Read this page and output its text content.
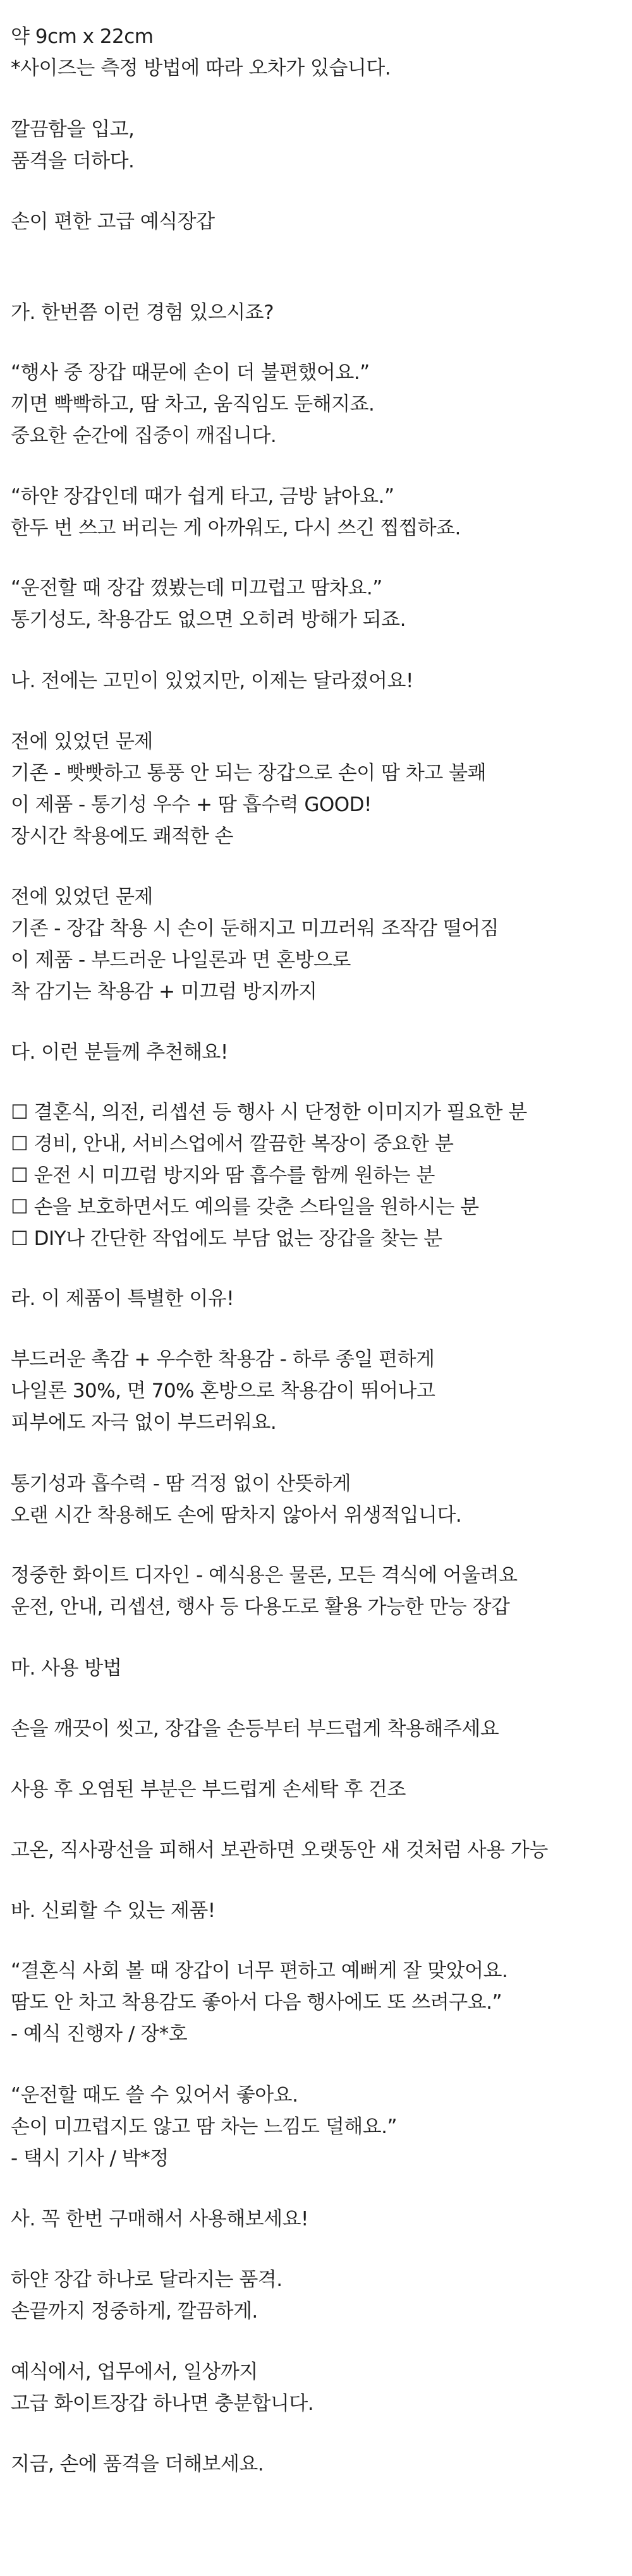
약 9cm x 22cm
*사이즈는 측정 방법에 따라 오차가 있습니다.
깔끔함을 입고,
품격을 더하다.
손이 편한 고급 예식장갑
가. 한번쯤 이런 경험 있으시죠?
“행사 중 장갑 때문에 손이 더 불편했어요.”
끼면 빡빡하고, 땀 차고, 움직임도 둔해지죠.
중요한 순간에 집중이 깨집니다.
“하얀 장갑인데 때가 쉽게 타고, 금방 낡아요.”
한두 번 쓰고 버리는 게 아까워도, 다시 쓰긴 찝찝하죠.
“운전할 때 장갑 꼈봤는데 미끄럽고 땀차요.”
통기성도, 착용감도 없으면 오히려 방해가 되죠.
나. 전에는 고민이 있었지만, 이제는 달라졌어요!
전에 있었던 문제
기존 - 빳빳하고 통풍 안 되는 장갑으로 손이 땀 차고 불쾌
이 제품 - 통기성 우수 + 땀 흡수력 GOOD!
장시간 착용에도 쾌적한 손
전에 있었던 문제
기존 - 장갑 착용 시 손이 둔해지고 미끄러워 조작감 떨어짐
이 제품 - 부드러운 나일론과 면 혼방으로
착 감기는 착용감 + 미끄럼 방지까지
다. 이런 분들께 추천해요!
☐ 결혼식, 의전, 리셉션 등 행사 시 단정한 이미지가 필요한 분
☐ 경비, 안내, 서비스업에서 깔끔한 복장이 중요한 분
☐ 운전 시 미끄럼 방지와 땀 흡수를 함께 원하는 분
☐ 손을 보호하면서도 예의를 갖춘 스타일을 원하시는 분
☐ DIY나 간단한 작업에도 부담 없는 장갑을 찾는 분
라. 이 제품이 특별한 이유!
부드러운 촉감 + 우수한 착용감 - 하루 종일 편하게
나일론 30%, 면 70% 혼방으로 착용감이 뛰어나고
피부에도 자극 없이 부드러워요.
통기성과 흡수력 - 땀 걱정 없이 산뜻하게
오랜 시간 착용해도 손에 땀차지 않아서 위생적입니다.
정중한 화이트 디자인 - 예식용은 물론, 모든 격식에 어울려요
운전, 안내, 리셉션, 행사 등 다용도로 활용 가능한 만능 장갑
마. 사용 방법
손을 깨끗이 씻고, 장갑을 손등부터 부드럽게 착용해주세요
사용 후 오염된 부분은 부드럽게 손세탁 후 건조
고온, 직사광선을 피해서 보관하면 오랫동안 새 것처럼 사용 가능
바. 신뢰할 수 있는 제품!
“결혼식 사회 볼 때 장갑이 너무 편하고 예뻐게 잘 맞았어요.
땀도 안 차고 착용감도 좋아서 다음 행사에도 또 쓰려구요.”
- 예식 진행자 / 장*호
“운전할 때도 쓸 수 있어서 좋아요.
손이 미끄럽지도 않고 땀 차는 느낌도 덜해요.”
- 택시 기사 / 박*정
사. 꼭 한번 구매해서 사용해보세요!
하얀 장갑 하나로 달라지는 품격.
손끝까지 정중하게, 깔끔하게.
예식에서, 업무에서, 일상까지
고급 화이트장갑 하나면 충분합니다.
지금, 손에 품격을 더해보세요.
